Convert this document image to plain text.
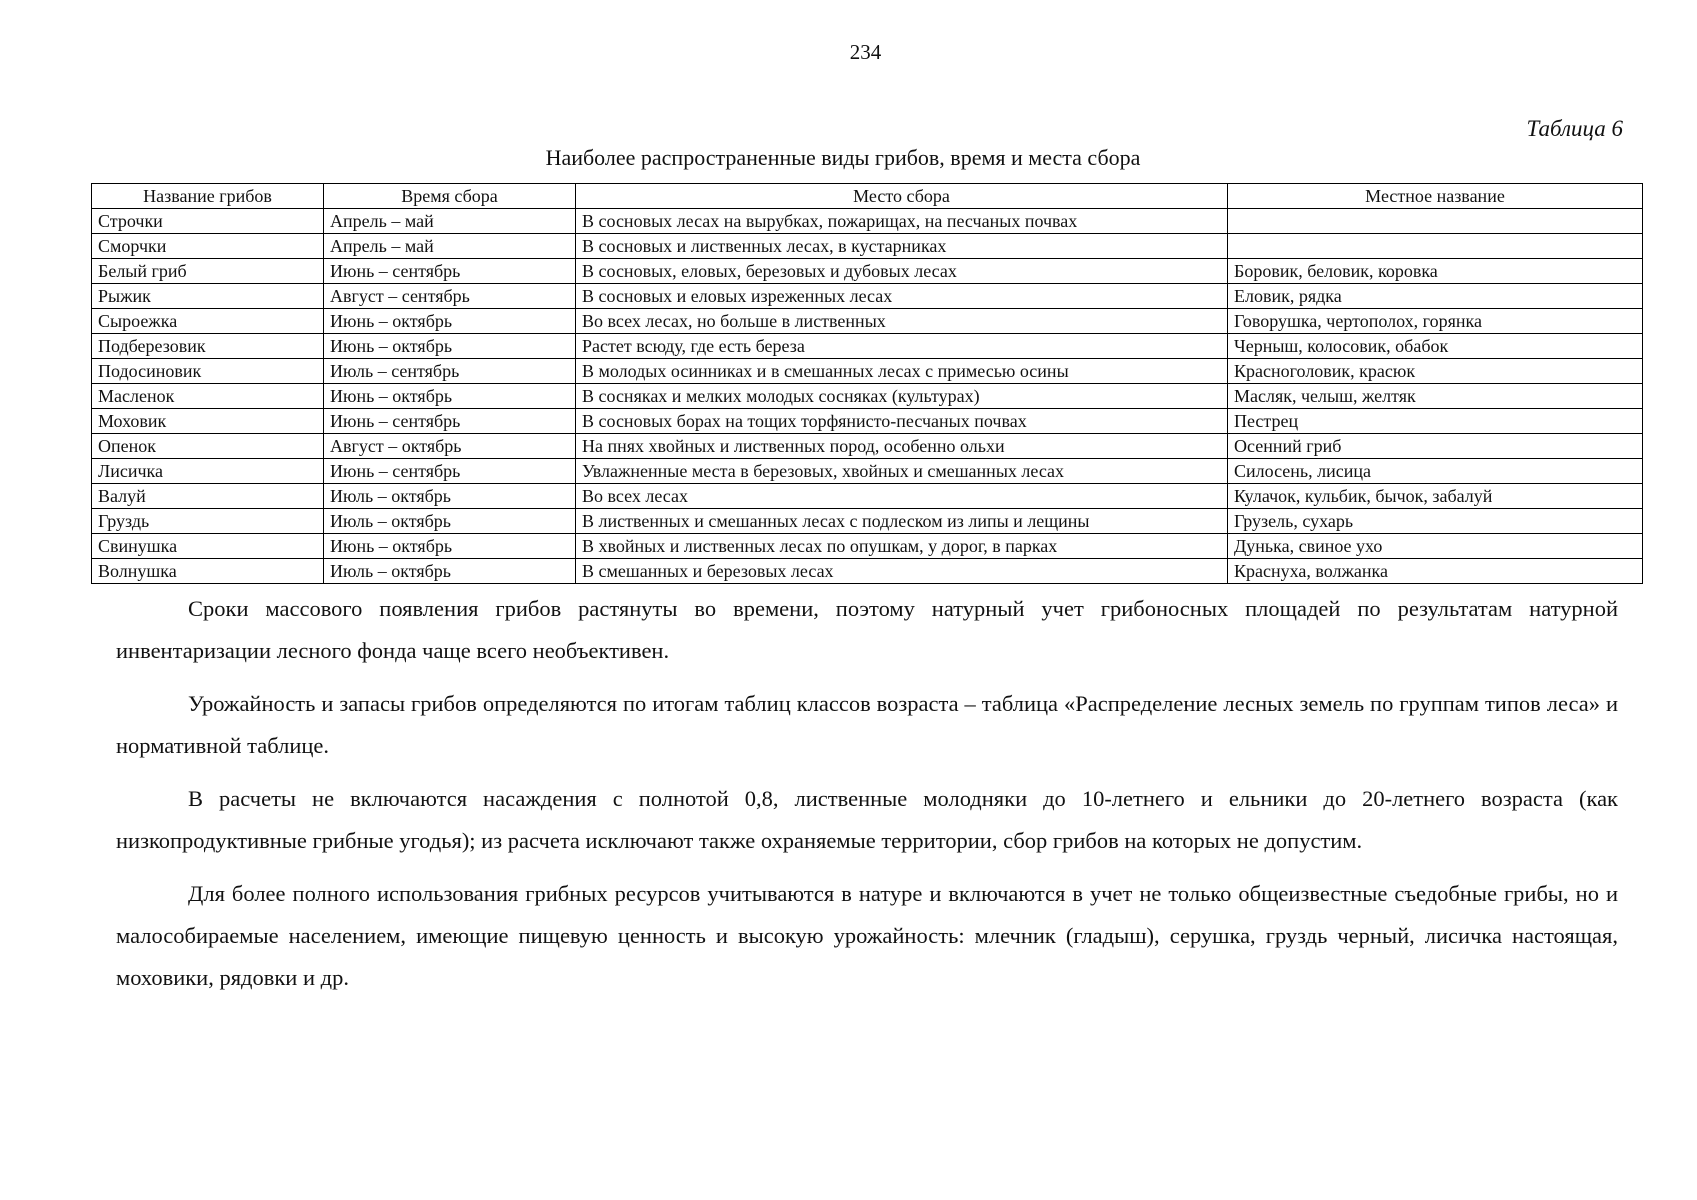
234
Таблица 6
Наиболее распространенные виды грибов, время и места сбора
Название грибов	Время сбора	Место сбора	Местное название
Строчки	Апрель – май	В сосновых лесах на вырубках, пожарищах, на песчаных почвах	
Сморчки	Апрель – май	В сосновых и лиственных лесах, в кустарниках	
Белый гриб	Июнь – сентябрь	В сосновых, еловых, березовых и дубовых лесах	Боровик, беловик, коровка
Рыжик	Август – сентябрь	В сосновых и еловых изреженных лесах	Еловик, рядка
Сыроежка	Июнь – октябрь	Во всех лесах, но больше в лиственных	Говорушка, чертополох, горянка
Подберезовик	Июнь – октябрь	Растет всюду, где есть береза	Черныш, колосовик, обабок
Подосиновик	Июль – сентябрь	В молодых осинниках и в смешанных лесах с примесью осины	Красноголовик, красюк
Масленок	Июнь – октябрь	В сосняках и мелких молодых сосняках (культурах)	Масляк, челыш, желтяк
Моховик	Июнь – сентябрь	В сосновых борах на тощих торфянисто-песчаных почвах	Пестрец
Опенок	Август – октябрь	На пнях хвойных и лиственных пород, особенно ольхи	Осенний гриб
Лисичка	Июнь – сентябрь	Увлажненные места в березовых, хвойных и смешанных лесах	Силосень, лисица
Валуй	Июль – октябрь	Во всех лесах	Кулачок, кульбик, бычок, забалуй
Груздь	Июль – октябрь	В лиственных и смешанных лесах с подлеском из липы и лещины	Грузель, сухарь
Свинушка	Июнь – октябрь	В хвойных и лиственных лесах по опушкам, у дорог, в парках	Дунька, свиное ухо
Волнушка	Июль – октябрь	В смешанных и березовых лесах	Краснуха, волжанка

Сроки массового появления грибов растянуты во времени, поэтому натурный учет грибоносных площадей по результатам натурной инвентаризации лесного фонда чаще всего необъективен.

Урожайность и запасы грибов определяются по итогам таблиц классов возраста – таблица «Распределение лесных земель по группам типов леса» и нормативной таблице.

В расчеты не включаются насаждения с полнотой 0,8, лиственные молодняки до 10-летнего и ельники до 20-летнего возраста (как низкопродуктивные грибные угодья); из расчета исключают также охраняемые территории, сбор грибов на которых не допустим.

Для более полного использования грибных ресурсов учитываются в натуре и включаются в учет не только общеизвестные съедобные грибы, но и малособираемые населением, имеющие пищевую ценность и высокую урожайность: млечник (гладыш), серушка, груздь черный, лисичка настоящая, моховики, рядовки и др.
